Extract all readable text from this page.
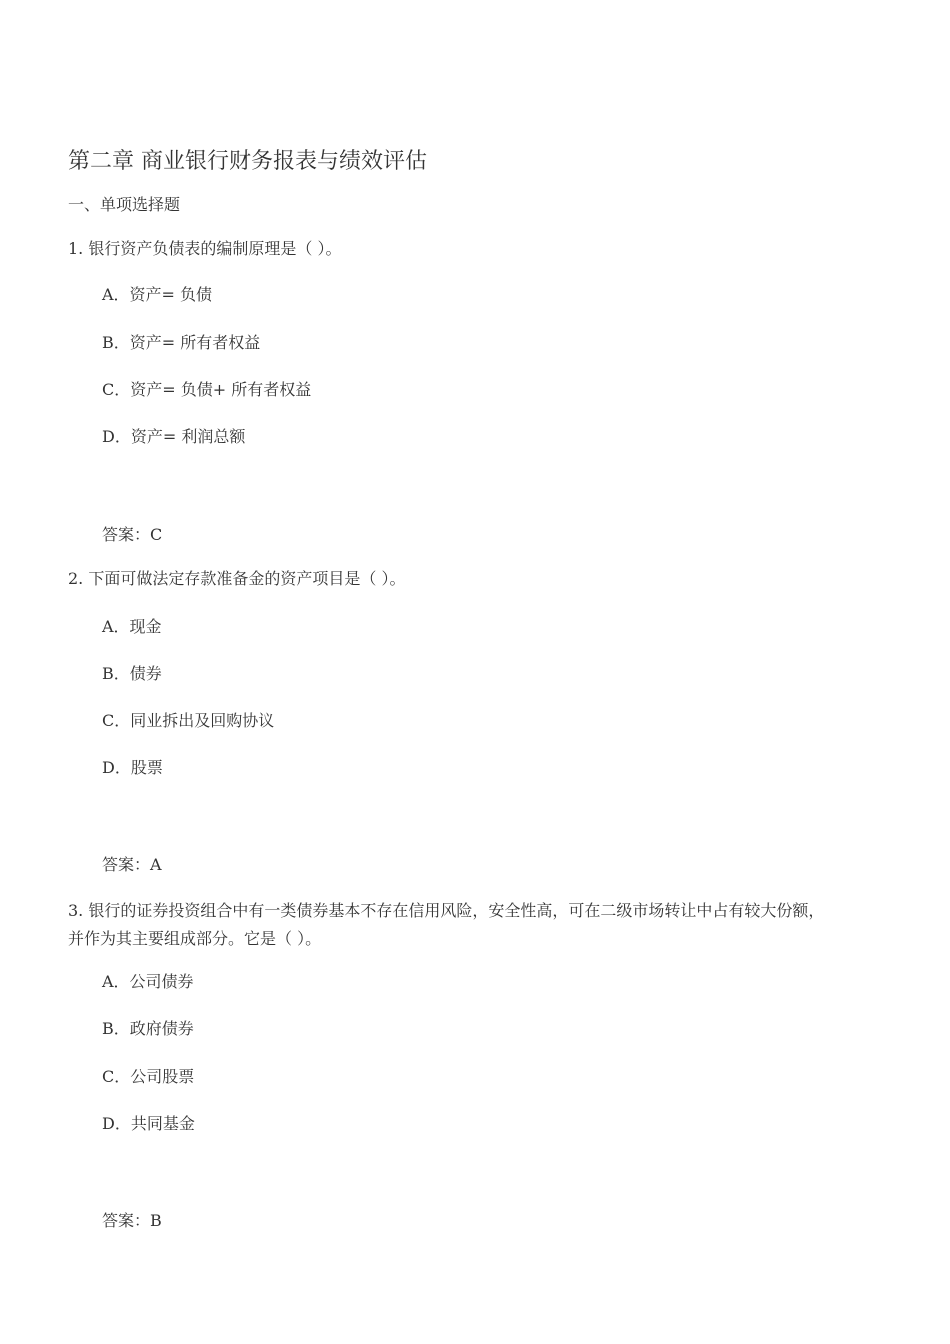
第二章 商业银行财务报表与绩效评估
一、单项选择题
1. 银行资产负债表的编制原理是（ ）。
A．资产= 负债
B．资产= 所有者权益
C．资产= 负债+ 所有者权益
D．资产= 利润总额
答案：C
2. 下面可做法定存款准备金的资产项目是（ ）。
A．现金
B．债券
C．同业拆出及回购协议
D．股票
答案：A
3. 银行的证券投资组合中有一类债券基本不存在信用风险，安全性高，可在二级市场转让中占有较大份额，
并作为其主要组成部分。它是（ ）。
A．公司债券
B．政府债券
C．公司股票
D．共同基金
答案：B
